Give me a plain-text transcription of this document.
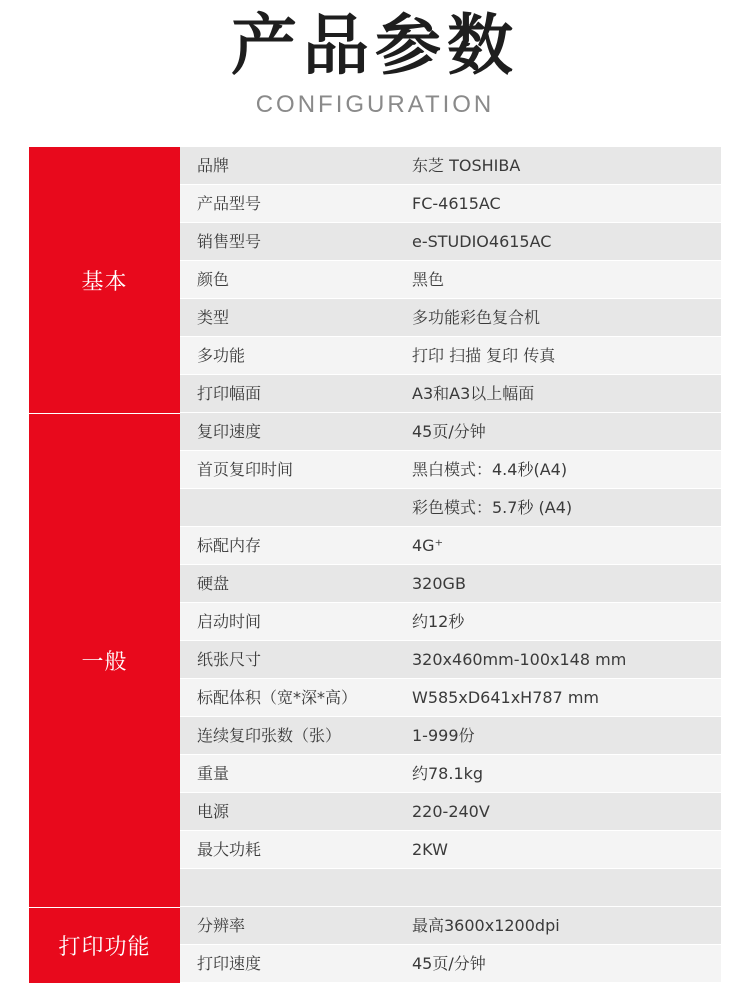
产品参数
CONFIGURATION
基本
品牌	东芝 TOSHIBA
产品型号	FC-4615AC
销售型号	e-STUDIO4615AC
颜色	黑色
类型	多功能彩色复合机
多功能	打印 扫描 复印 传真
打印幅面	A3和A3以上幅面
一般
复印速度	45页/分钟
首页复印时间	黑白模式：4.4秒(A4)
彩色模式：5.7秒 (A4)
标配内存	4G⁺
硬盘	320GB
启动时间	约12秒
纸张尺寸	320x460mm-100x148 mm
标配体积（宽*深*高）	W585xD641xH787 mm
连续复印张数（张）	1-999份
重量	约78.1kg
电源	220-240V
最大功耗	2KW
打印功能
分辨率	最高3600x1200dpi
打印速度	45页/分钟
